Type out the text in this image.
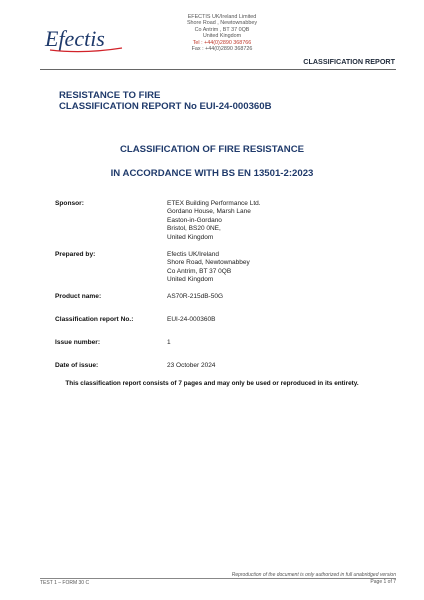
Efectis
EFECTIS UK/Ireland Limited
Shore Road , Newtownabbey
Co Antrim , BT 37 0QB
United Kingdom
Tel : +44(0)2890 368766
Fax : +44(0)2890 368726
CLASSIFICATION REPORT
RESISTANCE TO FIRE
CLASSIFICATION REPORT No EUI-24-000360B
CLASSIFICATION OF FIRE RESISTANCE
IN ACCORDANCE WITH BS EN 13501-2:2023
Sponsor:	ETEX Building Performance Ltd.
Gordano House, Marsh Lane
Easton-in-Gordano
Bristol, BS20 0NE,
United Kingdom
Prepared by:	Efectis UK/Ireland
Shore Road, Newtownabbey
Co Antrim, BT 37 0QB
United Kingdom
Product name:	AS70R-215dB-50G
Classification report No.:	EUI-24-000360B
Issue number:	1
Date of issue:	23 October 2024
This classification report consists of 7 pages and may only be used or reproduced in its entirety.
TEST 1 – FORM 30 C
Reproduction of the document is only authorized in full unabridged version
Page 1 of 7
